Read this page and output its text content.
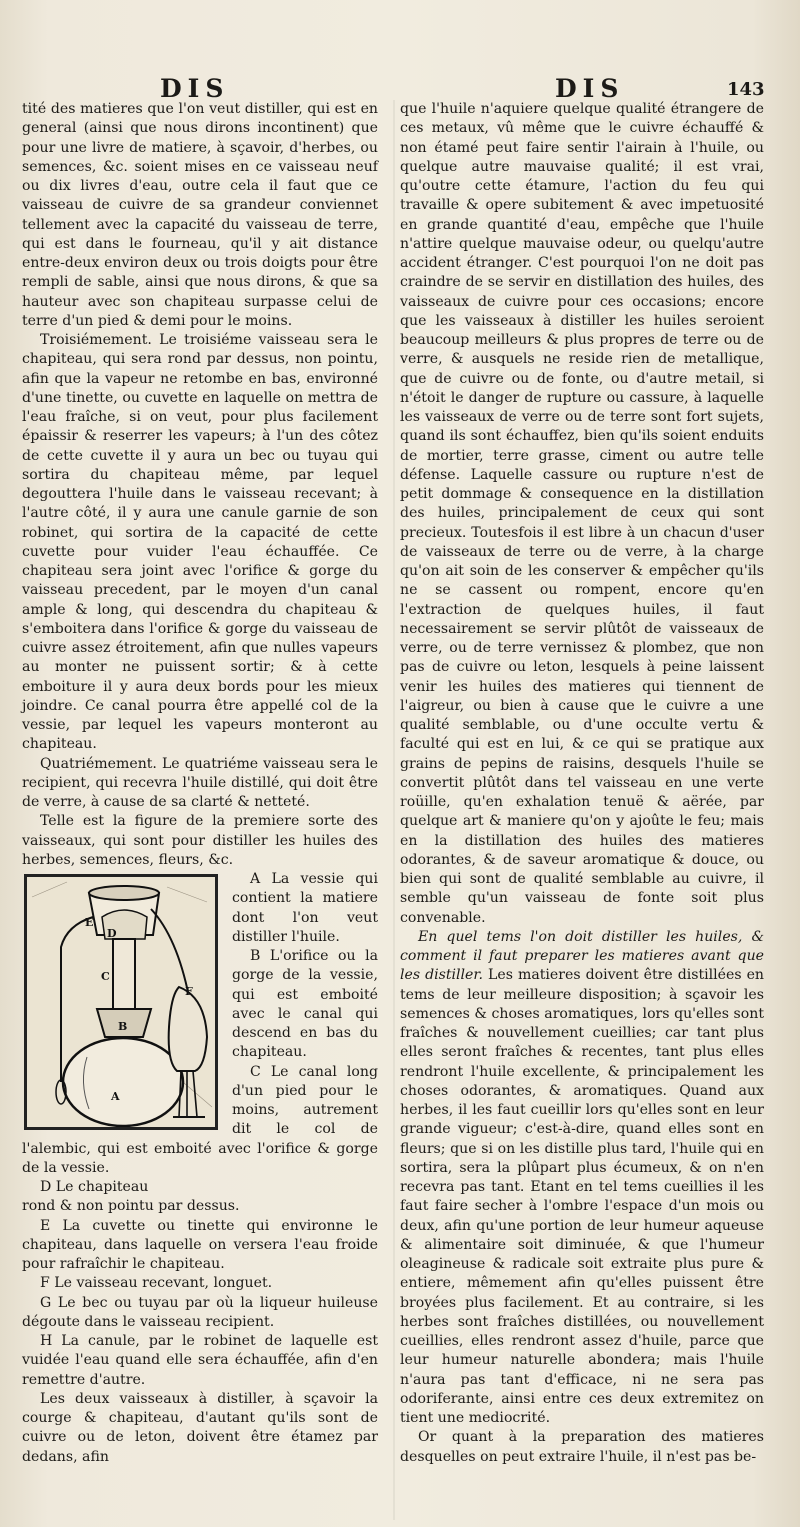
DIS	DIS	143

tité des matieres que l'on veut distiller, qui est en general (ainsi que nous dirons incontinent) que pour une livre de matiere, à sçavoir, d'herbes, ou semences, &c. soient mises en ce vaisseau neuf ou dix livres d'eau, outre cela il faut que ce vaisseau de cuivre de sa grandeur conviennet tellement avec la capacité du vaisseau de terre, qui est dans le fourneau, qu'il y ait distance entre-deux environ deux ou trois doigts pour être rempli de sable, ainsi que nous dirons, & que sa hauteur avec son chapiteau surpasse celui de terre d'un pied & demi pour le moins.

Troisiémement. Le troisiéme vaisseau sera le chapiteau, qui sera rond par dessus, non pointu, afin que la vapeur ne retombe en bas, environné d'une tinette, ou cuvette en laquelle on mettra de l'eau fraîche, si on veut, pour plus facilement épaissir & reserrer les vapeurs; à l'un des côtez de cette cuvette il y aura un bec ou tuyau qui sortira du chapiteau même, par lequel degouttera l'huile dans le vaisseau recevant; à l'autre côté, il y aura une canule garnie de son robinet, qui sortira de la capacité de cette cuvette pour vuider l'eau échauffée. Ce chapiteau sera joint avec l'orifice & gorge du vaisseau precedent, par le moyen d'un canal ample & long, qui descendra du chapiteau & s'emboitera dans l'orifice & gorge du vaisseau de cuivre assez étroitement, afin que nulles vapeurs au monter ne puissent sortir; & à cette emboiture il y aura deux bords pour les mieux joindre. Ce canal pourra être appellé col de la vessie, par lequel les vapeurs monteront au chapiteau.

Quatriémement. Le quatriéme vaisseau sera le recipient, qui recevra l'huile distillé, qui doit être de verre, à cause de sa clarté & netteté.

Telle est la figure de la premiere sorte des vaisseaux, qui sont pour distiller les huiles des herbes, semences, fleurs, &c.

A
B
C
D
E
F

A La vessie qui contient la matiere dont l'on veut distiller l'huile.

B L'orifice ou la gorge de la vessie, qui est emboité avec le canal qui descend en bas du chapiteau.

C Le canal long d'un pied pour le moins, autrement dit le col de l'alembic, qui est emboité avec l'orifice & gorge de la vessie.

D Le chapiteau

rond & non pointu par dessus.

E La cuvette ou tinette qui environne le chapiteau, dans laquelle on versera l'eau froide pour rafraîchir le chapiteau.

F Le vaisseau recevant, longuet.

G Le bec ou tuyau par où la liqueur huileuse dégoute dans le vaisseau recipient.

H La canule, par le robinet de laquelle est vuidée l'eau quand elle sera échauffée, afin d'en remettre d'autre.

Les deux vaisseaux à distiller, à sçavoir la courge & chapiteau, d'autant qu'ils sont de cuivre ou de leton, doivent être étamez par dedans, afin

que l'huile n'aquiere quelque qualité étrangere de ces metaux, vû même que le cuivre échauffé & non étamé peut faire sentir l'airain à l'huile, ou quelque autre mauvaise qualité; il est vrai, qu'outre cette étamure, l'action du feu qui travaille & opere subitement & avec impetuosité en grande quantité d'eau, empêche que l'huile n'attire quelque mauvaise odeur, ou quelqu'autre accident étranger. C'est pourquoi l'on ne doit pas craindre de se servir en distillation des huiles, des vaisseaux de cuivre pour ces occasions; encore que les vaisseaux à distiller les huiles seroient beaucoup meilleurs & plus propres de terre ou de verre, & ausquels ne reside rien de metallique, que de cuivre ou de fonte, ou d'autre metail, si n'étoit le danger de rupture ou cassure, à laquelle les vaisseaux de verre ou de terre sont fort sujets, quand ils sont échauffez, bien qu'ils soient enduits de mortier, terre grasse, ciment ou autre telle défense. Laquelle cassure ou rupture n'est de petit dommage & consequence en la distillation des huiles, principalement de ceux qui sont precieux. Toutesfois il est libre à un chacun d'user de vaisseaux de terre ou de verre, à la charge qu'on ait soin de les conserver & empêcher qu'ils ne se cassent ou rompent, encore qu'en l'extraction de quelques huiles, il faut necessairement se servir plûtôt de vaisseaux de verre, ou de terre vernissez & plombez, que non pas de cuivre ou leton, lesquels à peine laissent venir les huiles des matieres qui tiennent de l'aigreur, ou bien à cause que le cuivre a une qualité semblable, ou d'une occulte vertu & faculté qui est en lui, & ce qui se pratique aux grains de pepins de raisins, desquels l'huile se convertit plûtôt dans tel vaisseau en une verte roüille, qu'en exhalation tenuë & aërée, par quelque art & maniere qu'on y ajoûte le feu; mais en la distillation des huiles des matieres odorantes, & de saveur aromatique & douce, ou bien qui sont de qualité semblable au cuivre, il semble qu'un vaisseau de fonte soit plus convenable.

En quel tems l'on doit distiller les huiles, & comment il faut preparer les matieres avant que les distiller. Les matieres doivent être distillées en tems de leur meilleure disposition; à sçavoir les semences & choses aromatiques, lors qu'elles sont fraîches & nouvellement cueillies; car tant plus elles seront fraîches & recentes, tant plus elles rendront l'huile excellente, & principalement les choses odorantes, & aromatiques. Quand aux herbes, il les faut cueillir lors qu'elles sont en leur grande vigueur; c'est-à-dire, quand elles sont en fleurs; que si on les distille plus tard, l'huile qui en sortira, sera la plûpart plus écumeux, & on n'en recevra pas tant. Etant en tel tems cueillies il les faut faire secher à l'ombre l'espace d'un mois ou deux, afin qu'une portion de leur humeur aqueuse & alimentaire soit diminuée, & que l'humeur oleagineuse & radicale soit extraite plus pure & entiere, mêmement afin qu'elles puissent être broyées plus facilement. Et au contraire, si les herbes sont fraîches distillées, ou nouvellement cueillies, elles rendront assez d'huile, parce que leur humeur naturelle abondera; mais l'huile n'aura pas tant d'efficace, ni ne sera pas odoriferante, ainsi entre ces deux extremitez on tient une mediocrité.

Or quant à la preparation des matieres desquelles on peut extraire l'huile, il n'est pas be-
